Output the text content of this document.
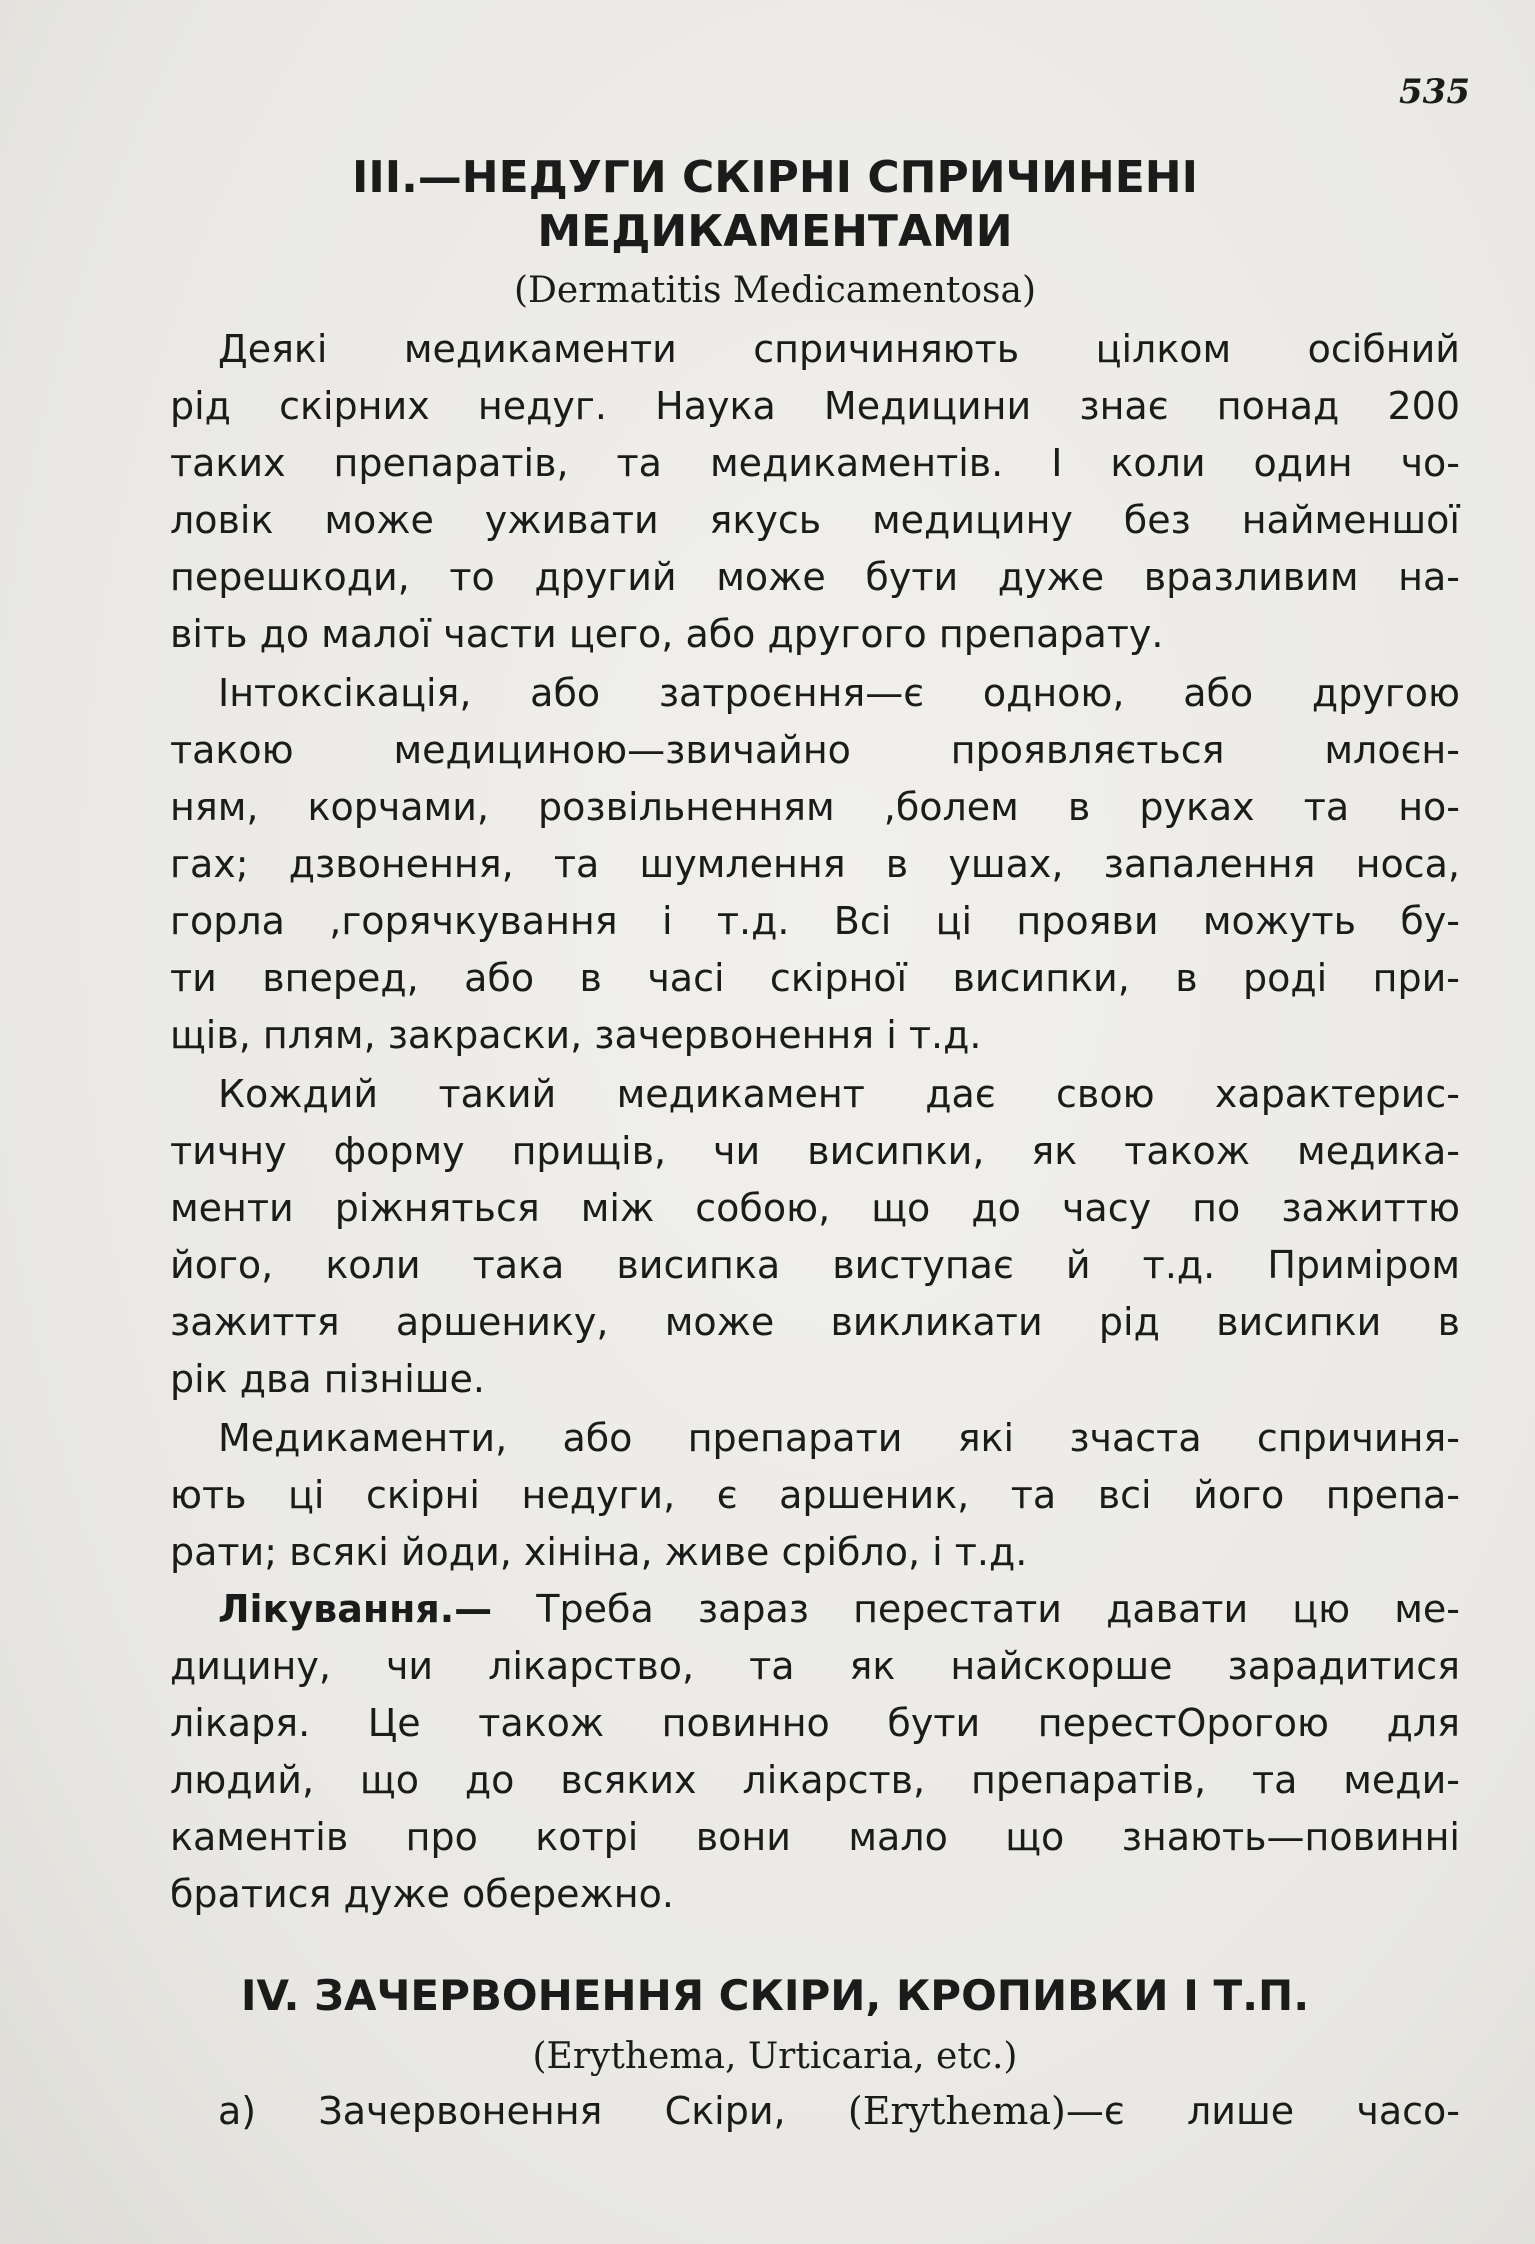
535
III.—НЕДУГИ СКІРНІ СПРИЧИНЕНІ
МЕДИКАМЕНТАМИ
(Dermatitis Medicamentosa)
Деякі медикаменти спричиняють цілком осібний
рід скірних недуг. Наука Медицини знає понад 200
таких препаратів, та медикаментів. І коли один чо-
ловік може уживати якусь медицину без найменшої
перешкоди, то другий може бути дуже вразливим на-
віть до малої части цего, або другого препарату.
Інтоксікація, або затроєння—є одною, або другою
такою медициною—звичайно проявляється млоєн-
ням, корчами, розвільненням ,болем в руках та но-
гах; дзвонення, та шумлення в ушах, запалення носа,
горла ,горячкування і т.д. Всі ці прояви можуть бу-
ти вперед, або в часі скірної висипки, в роді при-
щів, плям, закраски, зачервонення і т.д.
Кождий такий медикамент дає свою характерис-
тичну форму прищів, чи висипки, як також медика-
менти ріжняться між собою, що до часу по зажиттю
його, коли така висипка виступає й т.д. Приміром
зажиття аршенику, може викликати рід висипки в
рік два пізніше.
Медикаменти, або препарати які зчаста спричиня-
ють ці скірні недуги, є аршеник, та всі його препа-
рати; всякі йоди, хініна, живе срібло, і т.д.
Лікування.— Треба зараз перестати давати цю ме-
дицину, чи лікарство, та як найскорше зарадитися
лікаря. Це також повинно бути перестОрогою для
людий, що до всяких лікарств, препаратів, та меди-
каментів про котрі вони мало що знають—повинні
братися дуже обережно.
IV. ЗАЧЕРВОНЕННЯ СКІРИ, КРОПИВКИ І Т.П.
(Erythema, Urticaria, etc.)
а) Зачервонення Скіри, (Erythema)—є лише часо-
